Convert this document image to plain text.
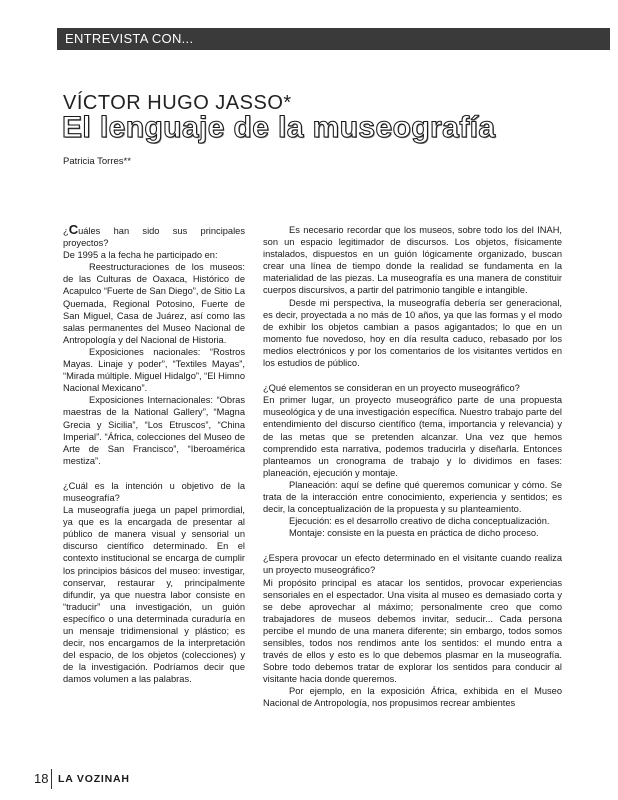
ENTREVISTA CON...
VÍCTOR HUGO JASSO*
El lenguaje de la museografía
Patricia Torres**

¿Cuáles han sido sus principales proyectos?

De 1995 a la fecha he participado en:

Reestructuraciones de los museos: de las Culturas de Oaxaca, Histórico de Acapulco “Fuerte de San Diego”, de Sitio La Quemada, Regional Potosino, Fuerte de San Miguel, Casa de Juárez, así como las salas permanentes del Museo Nacional de Antropología y del Nacional de Historia.

Exposiciones nacionales: “Rostros Mayas. Linaje y poder”, “Textiles Mayas”, “Mirada múltiple. Miguel Hidalgo”, “El Himno Nacional Mexicano”.

Exposiciones Internacionales: “Obras maestras de la National Gallery”, “Magna Grecia y Sicilia”, “Los Etruscos”, “China Imperial”. “África, colecciones del Museo de Arte de San Francisco”, “Iberoamérica mestiza”.

¿Cuál es la intención u objetivo de la museografía?

La museografía juega un papel primordial, ya que es la encargada de presentar al público de manera visual y sensorial un discurso científico determinado. En el contexto institucional se encarga de cumplir los principios básicos del museo: investigar, conservar, restaurar y, principalmente difundir, ya que nuestra labor consiste en “traducir” una investigación, un guión específico o una determinada curaduría en un mensaje tridimensional y plástico; es decir, nos encargamos de la interpretación del espacio, de los objetos (colecciones) y de la investigación. Podríamos decir que damos volumen a las palabras.

Es necesario recordar que los museos, sobre todo los del INAH, son un espacio legitimador de discursos. Los objetos, físicamente instalados, dispuestos en un guión lógicamente organizado, buscan crear una línea de tiempo donde la realidad se fundamenta en la materialidad de las piezas. La museografía es una manera de constituir cuerpos discursivos, a partir del patrimonio tangible e intangible.

Desde mi perspectiva, la museografía debería ser generacional, es decir, proyectada a no más de 10 años, ya que las formas y el modo de exhibir los objetos cambian a pasos agigantados; lo que en un momento fue novedoso, hoy en día resulta caduco, rebasado por los medios electrónicos y por los comentarios de los visitantes vertidos en los estudios de público.

¿Qué elementos se consideran en un proyecto museográfico?

En primer lugar, un proyecto museográfico parte de una propuesta museológica y de una investigación específica. Nuestro trabajo parte del entendimiento del discurso científico (tema, importancia y relevancia) y de las metas que se pretenden alcanzar. Una vez que hemos comprendido esta narrativa, podemos traducirla y diseñarla. Entonces planteamos un cronograma de trabajo y lo dividimos en fases: planeación, ejecución y montaje.

Planeación: aquí se define qué queremos comunicar y cómo. Se trata de la interacción entre conocimiento, experiencia y sentidos; es decir, la conceptualización de la propuesta y su planteamiento.

Ejecución: es el desarrollo creativo de dicha conceptualización.

Montaje: consiste en la puesta en práctica de dicho proceso.

¿Espera provocar un efecto determinado en el visitante cuando realiza un proyecto museográfico?

Mi propósito principal es atacar los sentidos, provocar experiencias sensoriales en el espectador. Una visita al museo es demasiado corta y se debe aprovechar al máximo; personalmente creo que como trabajadores de museos debemos invitar, seducir... Cada persona percibe el mundo de una manera diferente; sin embargo, todos somos sensibles, todos nos rendimos ante los sentidos: el mundo entra a través de ellos y esto es lo que debemos plasmar en la museografía. Sobre todo debemos tratar de explorar los sentidos para conducir al visitante hacia donde queremos.

Por ejemplo, en la exposición África, exhibida en el Museo Nacional de Antropología, nos propusimos recrear ambientes

18 LA VOZINAH
